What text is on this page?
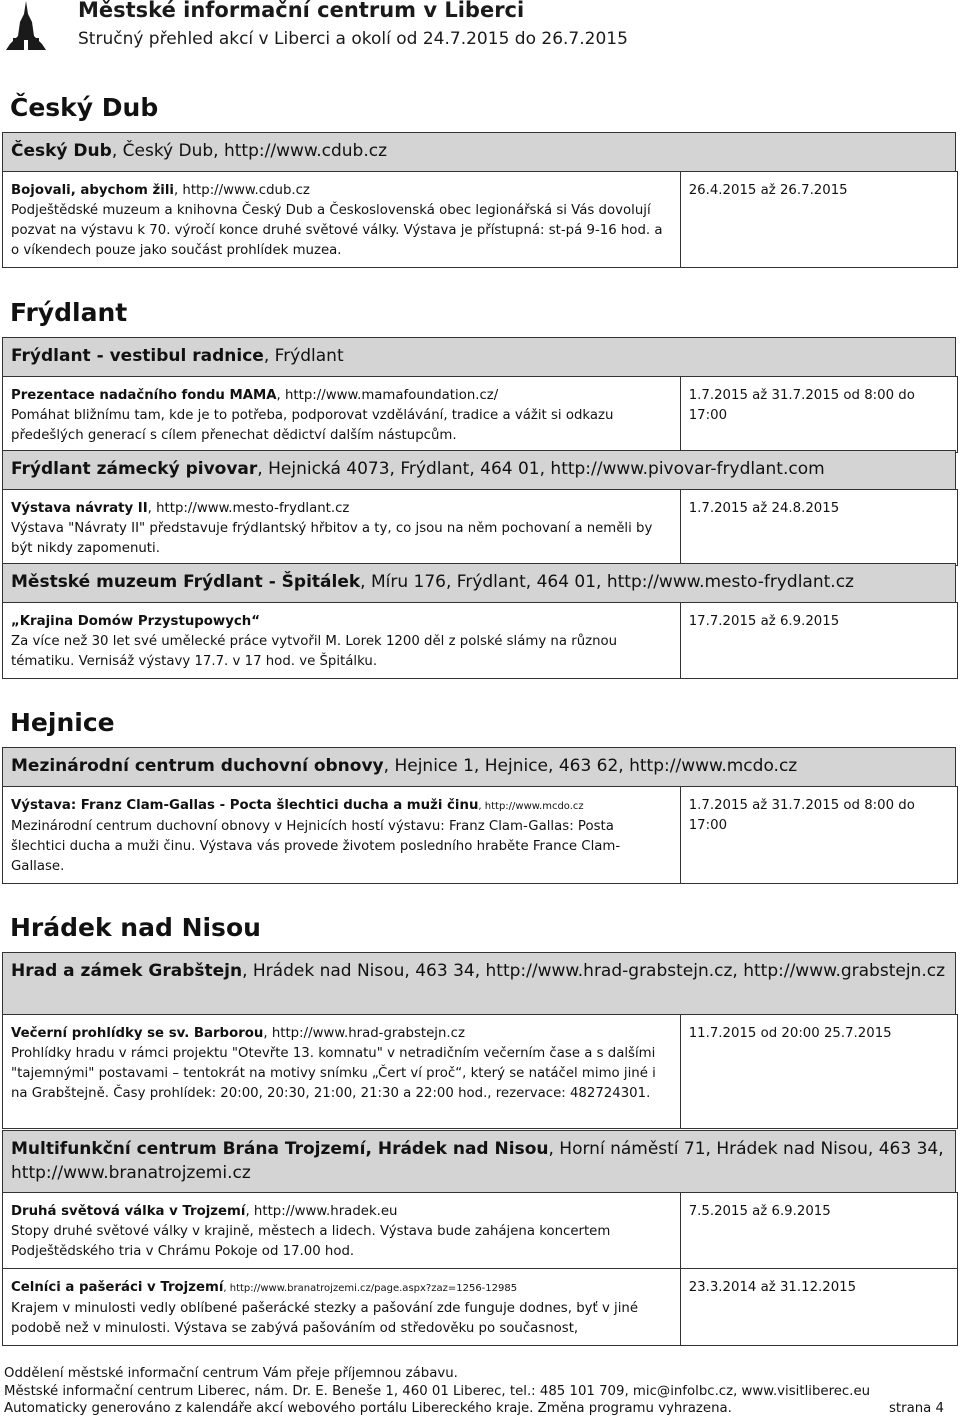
Městské informační centrum v Liberci
Stručný přehled akcí v Liberci a okolí od 24.7.2015 do 26.7.2015
Český Dub
Český Dub, Český Dub, http://www.cdub.cz
Bojovali, abychom žili, http://www.cdub.cz
Podještědské muzeum a knihovna Český Dub a Československá obec legionářská si Vás dovolují pozvat na výstavu k 70. výročí konce druhé světové války. Výstava je přístupná: st-pá 9-16 hod. a o víkendech pouze jako součást prohlídek muzea.
	26.4.2015 až 26.7.2015
Frýdlant
Frýdlant - vestibul radnice, Frýdlant
Prezentace nadačního fondu MAMA, http://www.mamafoundation.cz/
Pomáhat bližnímu tam, kde je to potřeba, podporovat vzdělávání, tradice a vážit si odkazu předešlých generací s cílem přenechat dědictví dalším nástupcům.
	1.7.2015 až 31.7.2015 od 8:00 do 17:00
Frýdlant zámecký pivovar, Hejnická 4073, Frýdlant, 464 01, http://www.pivovar-frydlant.com
Výstava návraty II, http://www.mesto-frydlant.cz
Výstava "Návraty II" představuje frýdlantský hřbitov a ty, co jsou na něm pochovaní a neměli by být nikdy zapomenuti.
	1.7.2015 až 24.8.2015
Městské muzeum Frýdlant - Špitálek, Míru 176, Frýdlant, 464 01, http://www.mesto-frydlant.cz
„Krajina Domów Przystupowych“
Za více než 30 let své umělecké práce vytvořil M. Lorek 1200 děl z polské slámy na různou tématiku. Vernisáž výstavy 17.7. v 17 hod. ve Špitálku.
	17.7.2015 až 6.9.2015
Hejnice
Mezinárodní centrum duchovní obnovy, Hejnice 1, Hejnice, 463 62, http://www.mcdo.cz
Výstava: Franz Clam-Gallas - Pocta šlechtici ducha a muži činu, http://www.mcdo.cz
Mezinárodní centrum duchovní obnovy v Hejnicích hostí výstavu: Franz Clam-Gallas: Posta šlechtici ducha a muži činu. Výstava vás provede životem posledního hraběte France Clam-Gallase.
	1.7.2015 až 31.7.2015 od 8:00 do 17:00
Hrádek nad Nisou
Hrad a zámek Grabštejn, Hrádek nad Nisou, 463 34, http://www.hrad-grabstejn.cz, http://www.grabstejn.cz
Večerní prohlídky se sv. Barborou, http://www.hrad-grabstejn.cz
Prohlídky hradu v rámci projektu "Otevřte 13. komnatu" v netradičním večerním čase a s dalšími "tajemnými" postavami – tentokrát na motivy snímku „Čert ví proč“, který se natáčel mimo jiné i na Grabštejně. Časy prohlídek: 20:00, 20:30, 21:00, 21:30 a 22:00 hod., rezervace: 482724301.
	11.7.2015 od 20:00 25.7.2015
Multifunkční centrum Brána Trojzemí, Hrádek nad Nisou, Horní náměstí 71, Hrádek nad Nisou, 463 34, http://www.branatrojzemi.cz
Druhá světová válka v Trojzemí, http://www.hradek.eu
Stopy druhé světové války v krajině, městech a lidech. Výstava bude zahájena koncertem Podještědského tria v Chrámu Pokoje od 17.00 hod.	7.5.2015 až 6.9.2015

Celníci a pašeráci v Trojzemí, http://www.branatrojzemi.cz/page.aspx?zaz=1256-12985
Krajem v minulosti vedly oblíbené pašerácké stezky a pašování zde funguje dodnes, byť v jiné podobě než v minulosti. Výstava se zabývá pašováním od středověku po současnost,	23.3.2014 až 31.12.2015
Oddělení městské informační centrum Vám přeje příjemnou zábavu.
Městské informační centrum Liberec, nám. Dr. E. Beneše 1, 460 01 Liberec, tel.: 485 101 709, mic@infolbc.cz, www.visitliberec.eu
Automaticky generováno z kalendáře akcí webového portálu Libereckého kraje. Změna programu vyhrazena.	strana 4
